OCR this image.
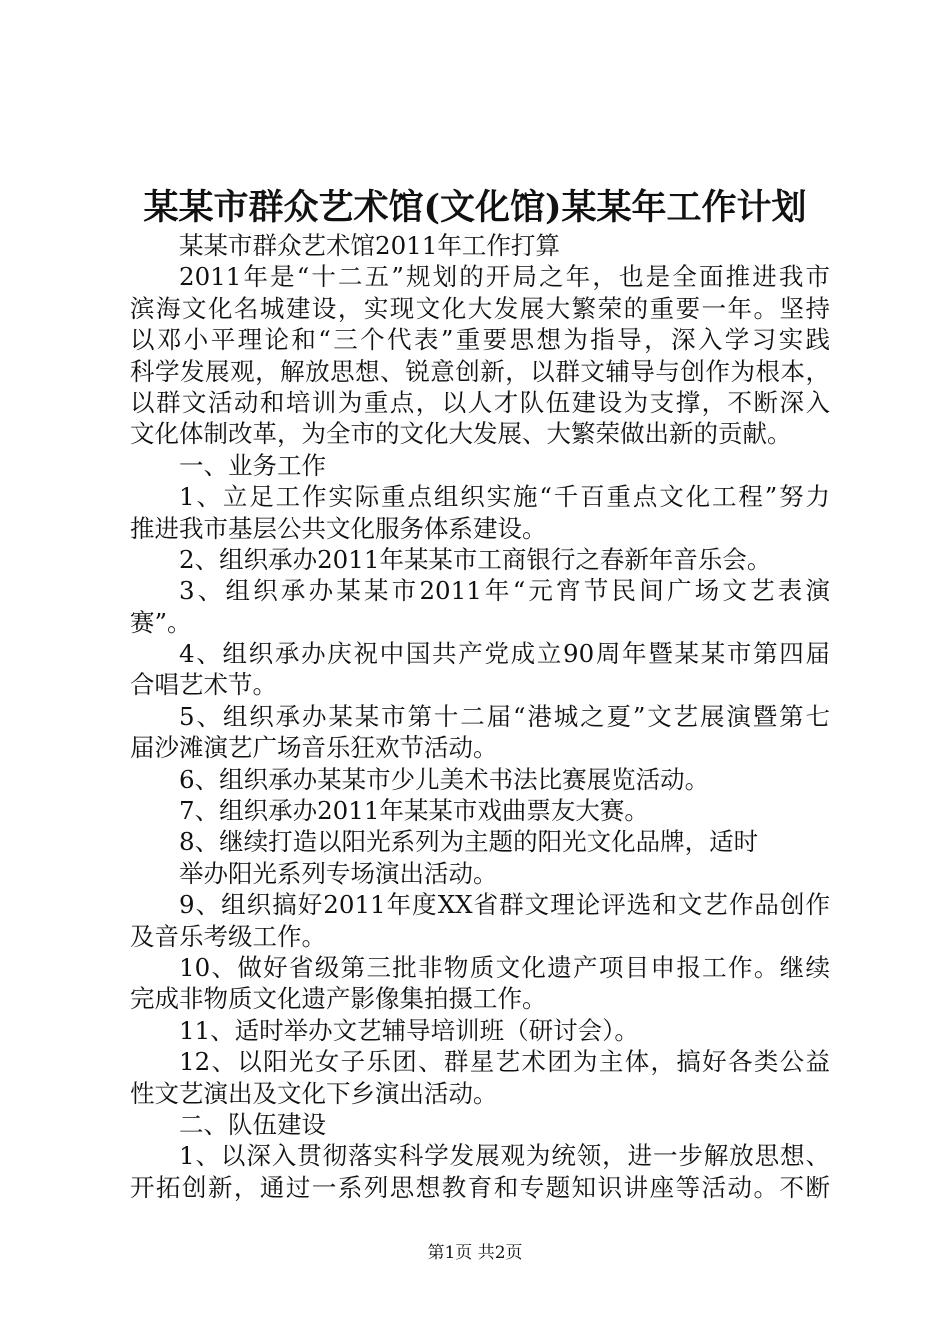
某某市群众艺术馆(文化馆)某某年工作计划
某某市群众艺术馆2011年工作打算
2011年是“十二五”规划的开局之年，也是全面推进我市
滨海文化名城建设，实现文化大发展大繁荣的重要一年。坚持
以邓小平理论和“三个代表”重要思想为指导，深入学习实践
科学发展观，解放思想、锐意创新，以群文辅导与创作为根本，
以群文活动和培训为重点，以人才队伍建设为支撑，不断深入
文化体制改革，为全市的文化大发展、大繁荣做出新的贡献。
一、业务工作
1、立足工作实际重点组织实施“千百重点文化工程”努力
推进我市基层公共文化服务体系建设。
2、组织承办2011年某某市工商银行之春新年音乐会。
3、组织承办某某市2011年“元宵节民间广场文艺表演
赛”。
4、组织承办庆祝中国共产党成立90周年暨某某市第四届
合唱艺术节。
5、组织承办某某市第十二届“港城之夏”文艺展演暨第七
届沙滩演艺广场音乐狂欢节活动。
6、组织承办某某市少儿美术书法比赛展览活动。
7、组织承办2011年某某市戏曲票友大赛。
8、继续打造以阳光系列为主题的阳光文化品牌，适时
举办阳光系列专场演出活动。
9、组织搞好2011年度XX省群文理论评选和文艺作品创作
及音乐考级工作。
10、做好省级第三批非物质文化遗产项目申报工作。继续
完成非物质文化遗产影像集拍摄工作。
11、适时举办文艺辅导培训班（研讨会）。
12、以阳光女子乐团、群星艺术团为主体，搞好各类公益
性文艺演出及文化下乡演出活动。
二、队伍建设
1、以深入贯彻落实科学发展观为统领，进一步解放思想、
开拓创新，通过一系列思想教育和专题知识讲座等活动。不断
第1页 共2页
